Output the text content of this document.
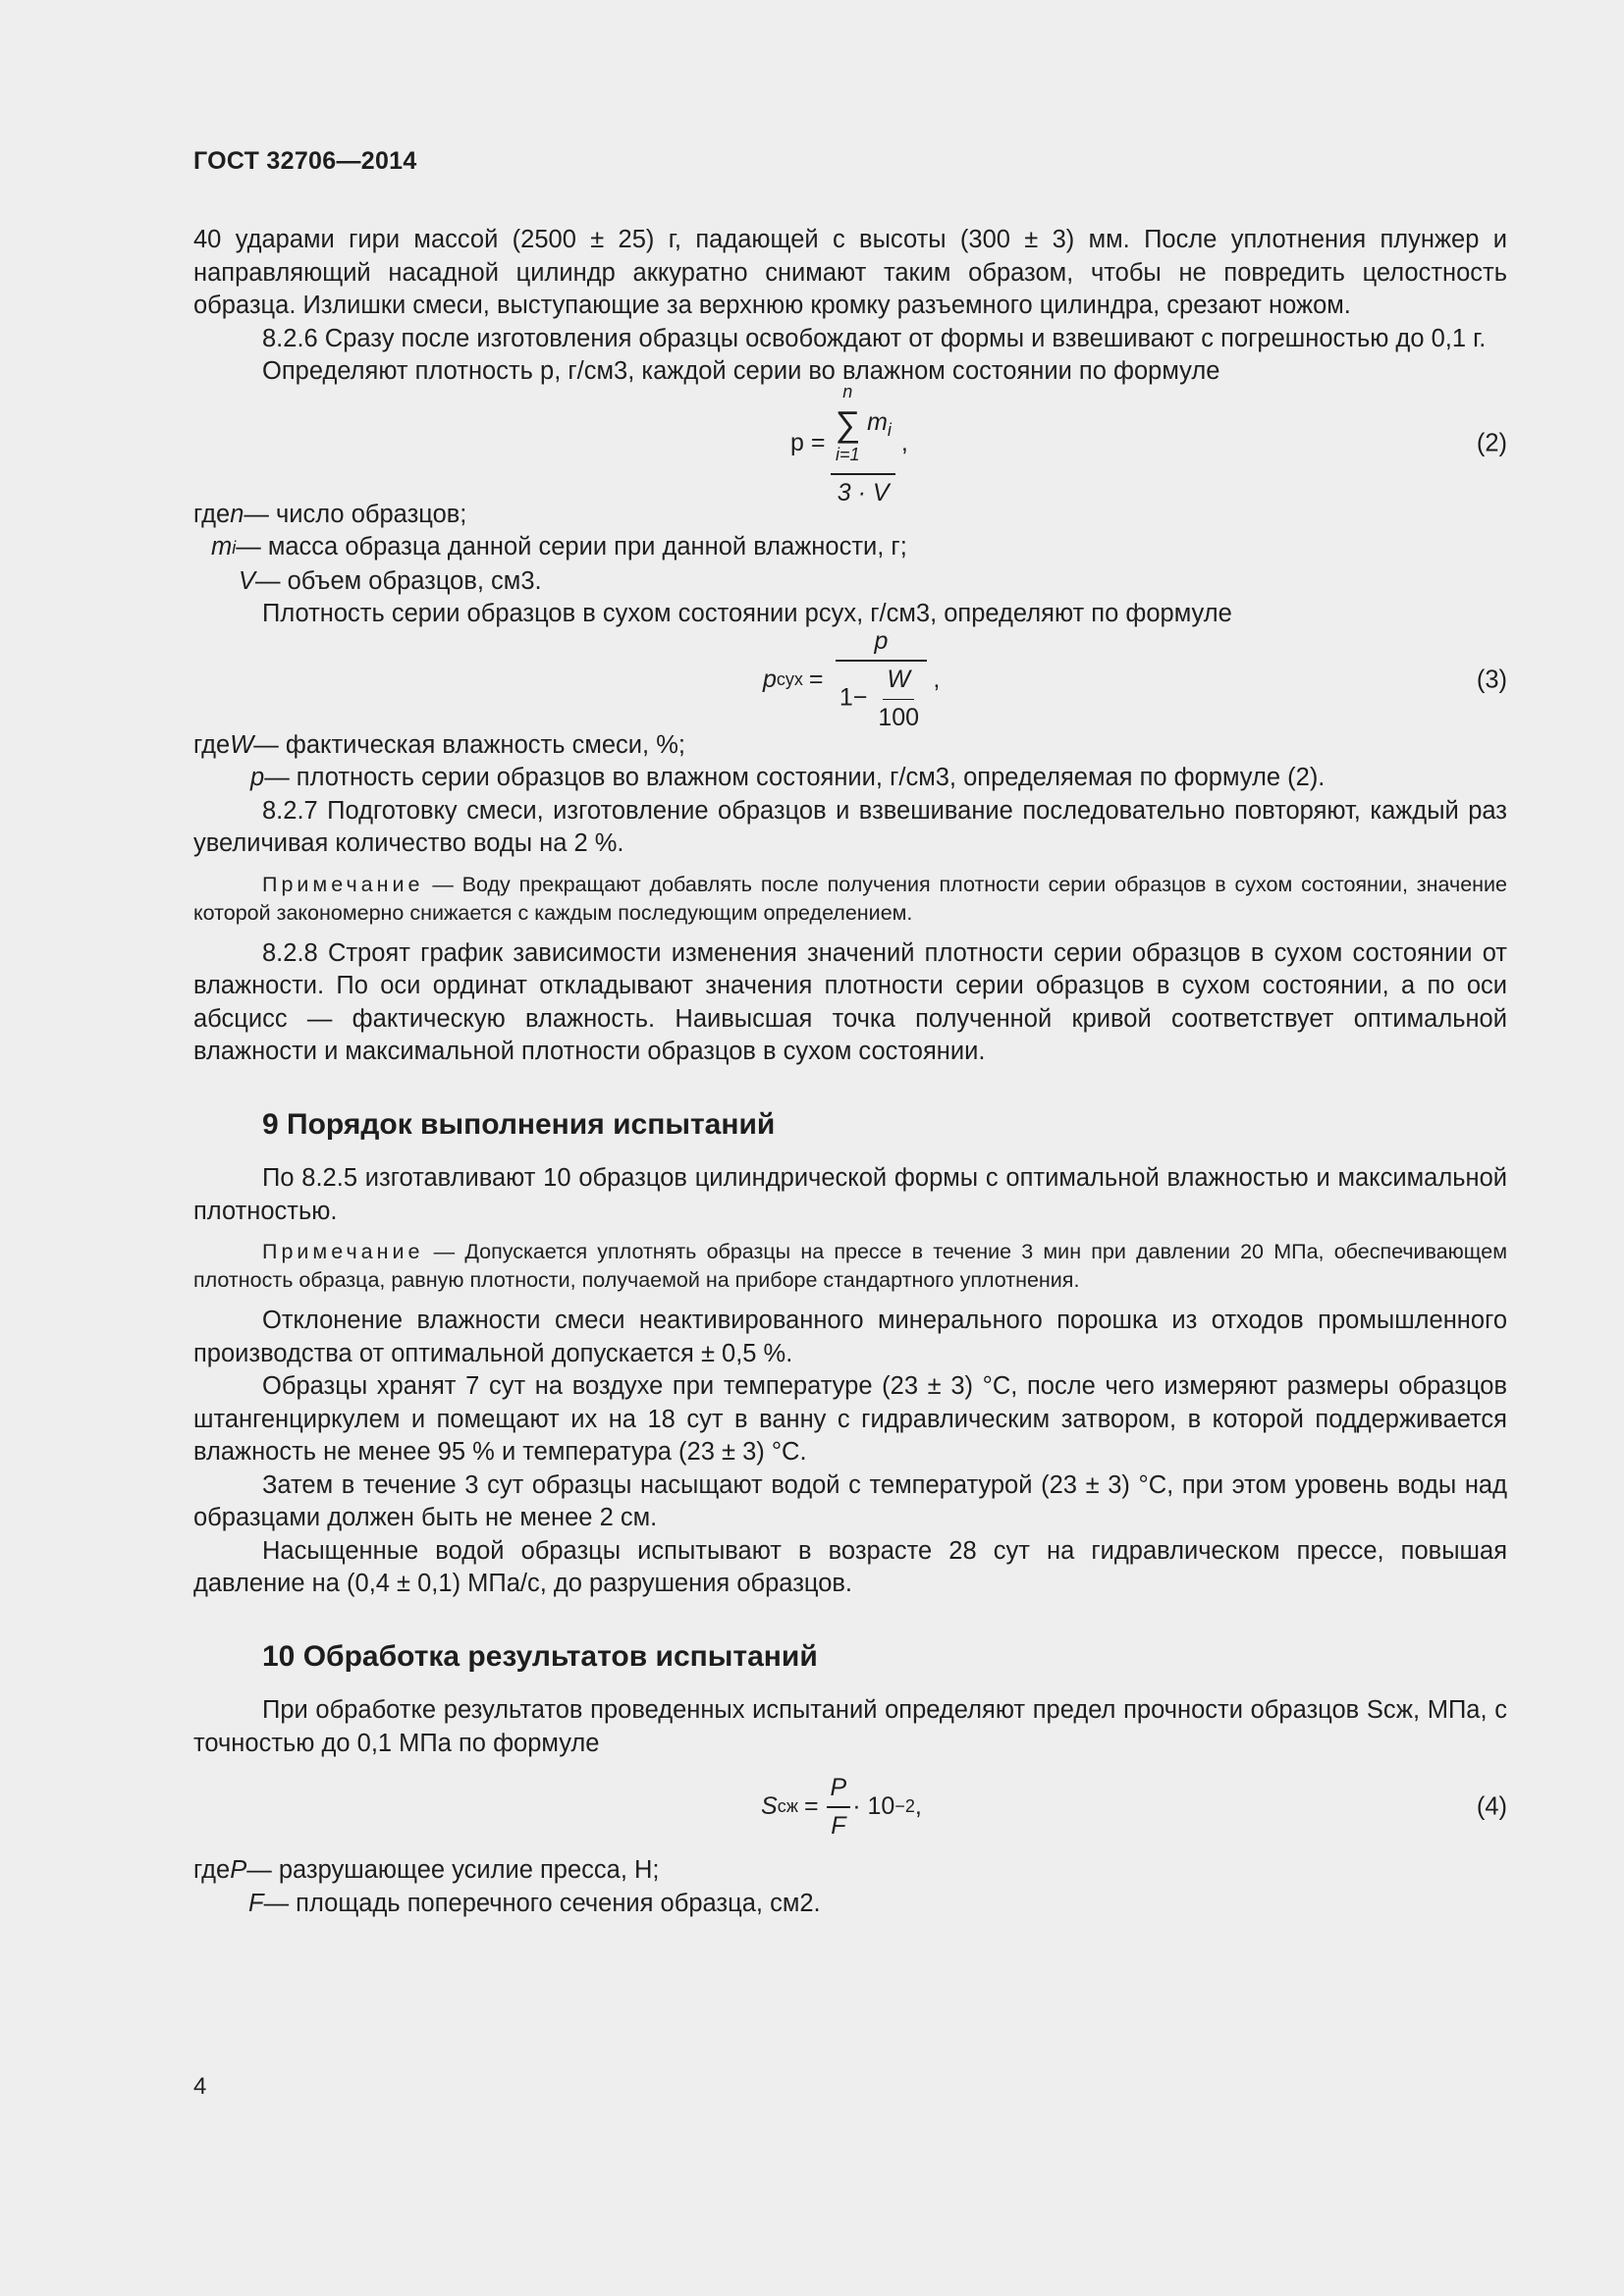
ГОСТ 32706—2014

40 ударами гири массой (2500 ± 25) г, падающей с высоты (300 ± 3) мм. После уплотнения плунжер и направляющий насадной цилиндр аккуратно снимают таким образом, чтобы не повредить целостность образца. Излишки смеси, выступающие за верхнюю кромку разъемного цилиндра, срезают ножом.

8.2.6 Сразу после изготовления образцы освобождают от формы и взвешивают с погрешностью до 0,1 г.

Определяют плотность p, г/см3, каждой серии во влажном состоянии по формуле

p =
n
∑
i=1
$m_i$
3 · V
,	(2)
где n — число образцов;
m i — масса образца данной серии при данной влажности, г;
V — объем образцов, см3.

Плотность серии образцов в сухом состоянии pсух, г/см3, определяют по формуле

p сух = $\frac{p}{1- \frac{W}{100}}$ ,	(3)
где W — фактическая влажность смеси, %;
p — плотность серии образцов во влажном состоянии, г/см3, определяемая по формуле (2).

8.2.7 Подготовку смеси, изготовление образцов и взвешивание последовательно повторяют, каждый раз увеличивая количество воды на 2 %.

Примечание — Воду прекращают добавлять после получения плотности серии образцов в сухом состоянии, значение которой закономерно снижается с каждым последующим определением.

8.2.8 Строят график зависимости изменения значений плотности серии образцов в сухом состоянии от влажности. По оси ординат откладывают значения плотности серии образцов в сухом состоянии, а по оси абсцисс — фактическую влажность. Наивысшая точка полученной кривой соответствует оптимальной влажности и максимальной плотности образцов в сухом состоянии.

9 Порядок выполнения испытаний

По 8.2.5 изготавливают 10 образцов цилиндрической формы с оптимальной влажностью и максимальной плотностью.

Примечание — Допускается уплотнять образцы на прессе в течение 3 мин при давлении 20 МПа, обеспечивающем плотность образца, равную плотности, получаемой на приборе стандартного уплотнения.

Отклонение влажности смеси неактивированного минерального порошка из отходов промышленного производства от оптимальной допускается ± 0,5 %.

Образцы хранят 7 сут на воздухе при температуре (23 ± 3) °С, после чего измеряют размеры образцов штангенциркулем и помещают их на 18 сут в ванну с гидравлическим затвором, в которой поддерживается влажность не менее 95 % и температура (23 ± 3) °С.

Затем в течение 3 сут образцы насыщают водой с температурой (23 ± 3) °С, при этом уровень воды над образцами должен быть не менее 2 см.

Насыщенные водой образцы испытывают в возрасте 28 сут на гидравлическом прессе, повышая давление на (0,4 ± 0,1) МПа/с, до разрушения образцов.

10 Обработка результатов испытаний

При обработке результатов проведенных испытаний определяют предел прочности образцов Sсж, МПа, с точностью до 0,1 МПа по формуле

S сж = $\frac{P}{F} \cdot 10 -2$ ,	(4)
где P — разрушающее усилие пресса, Н;
F — площадь поперечного сечения образца, см2.
4
